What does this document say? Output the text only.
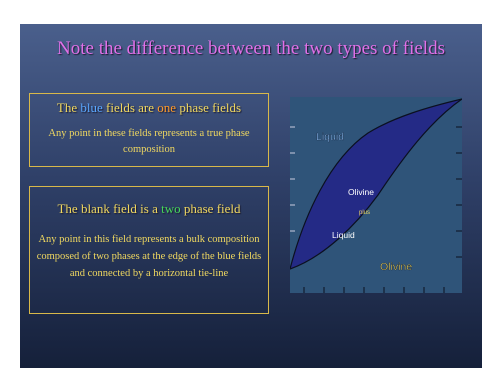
Note the difference between the two types of fields
The blue fields are one phase fields
Any point in these fields represents a true phase composition
The blank field is a two phase field
Any point in this field represents a bulk composition composed of two phases at the edge of the blue fields and connected by a horizontal tie-line
Liquid
Olivine
plus
Liquid
Olivine
